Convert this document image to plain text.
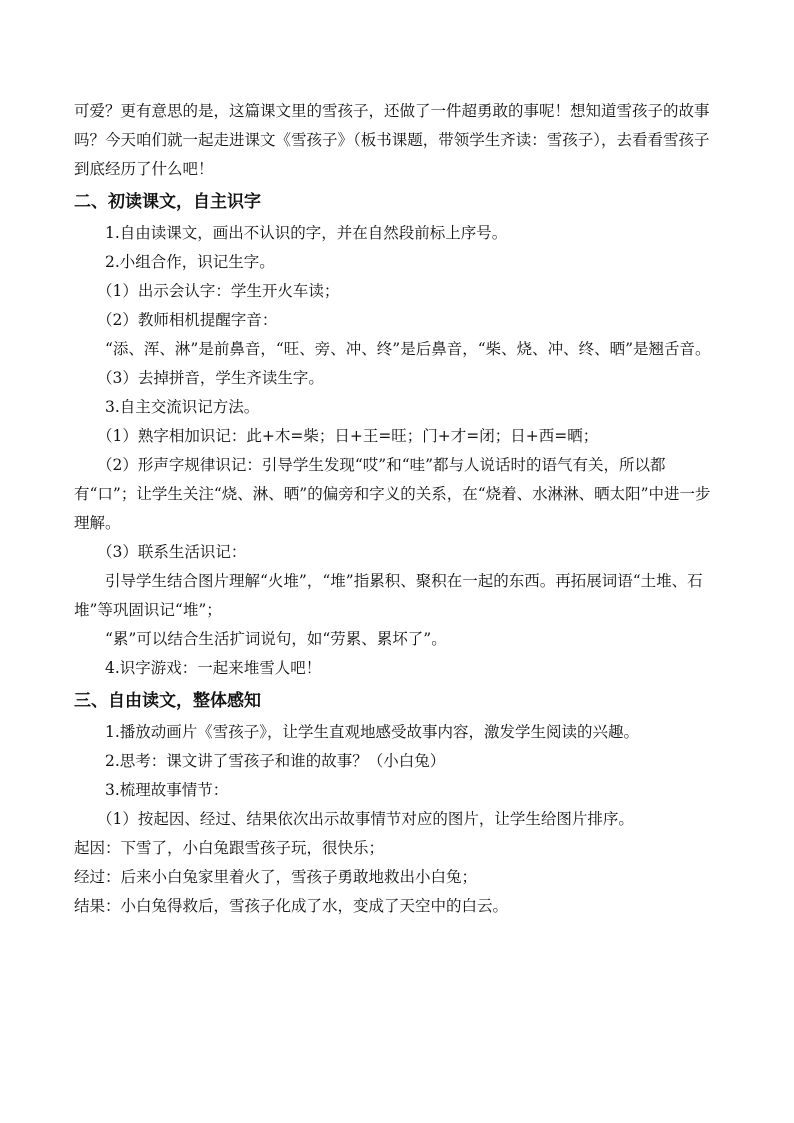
可爱？更有意思的是，这篇课文里的雪孩子，还做了一件超勇敢的事呢！想知道雪孩子的故事吗？今天咱们就一起走进课文《雪孩子》（板书课题，带领学生齐读：雪孩子），去看看雪孩子到底经历了什么吧！

二、初读课文，自主识字

1.自由读课文，画出不认识的字，并在自然段前标上序号。

2.小组合作，识记生字。

（1）出示会认字：学生开火车读；

（2）教师相机提醒字音：

“添、浑、淋”是前鼻音，“旺、旁、冲、终”是后鼻音，“柴、烧、冲、终、晒”是翘舌音。

（3）去掉拼音，学生齐读生字。

3.自主交流识记方法。

（1）熟字相加识记：此+木=柴；日+王=旺；门+才=闭；日+西=晒；

（2）形声字规律识记：引导学生发现“哎”和“哇”都与人说话时的语气有关，所以都有“口”；让学生关注“烧、淋、晒”的偏旁和字义的关系，在“烧着、水淋淋、晒太阳”中进一步理解。

（3）联系生活识记：

引导学生结合图片理解“火堆”，“堆”指累积、聚积在一起的东西。再拓展词语“土堆、石堆”等巩固识记“堆”；

“累”可以结合生活扩词说句，如“劳累、累坏了”。

4.识字游戏：一起来堆雪人吧！

三、自由读文，整体感知

1.播放动画片《雪孩子》，让学生直观地感受故事内容，激发学生阅读的兴趣。

2.思考：课文讲了雪孩子和谁的故事？（小白兔）

3.梳理故事情节：

（1）按起因、经过、结果依次出示故事情节对应的图片，让学生给图片排序。

起因：下雪了，小白兔跟雪孩子玩，很快乐；

经过：后来小白兔家里着火了，雪孩子勇敢地救出小白兔；

结果：小白兔得救后，雪孩子化成了水，变成了天空中的白云。
